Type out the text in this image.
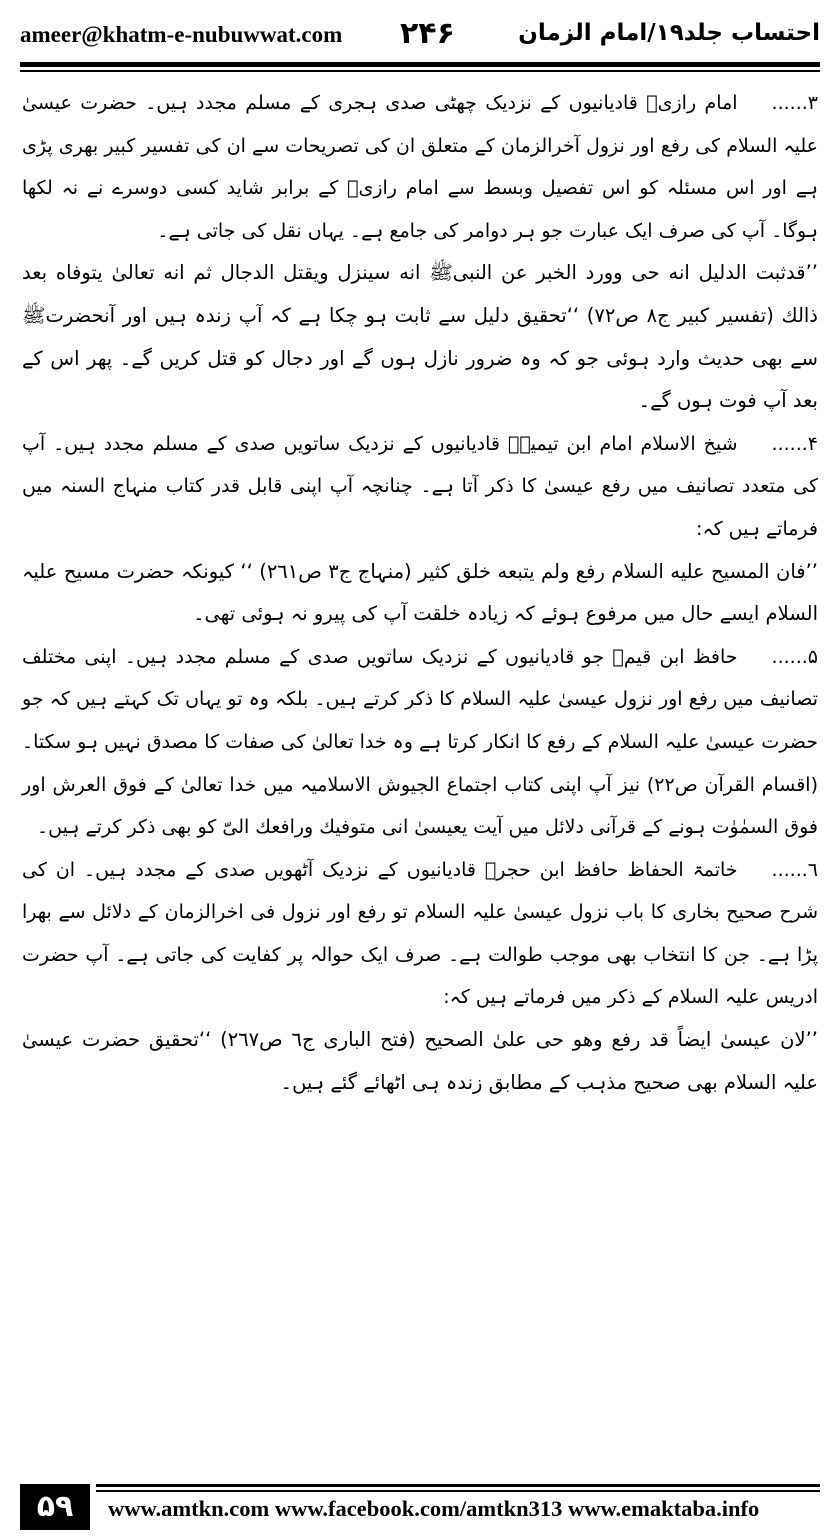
ameer@khatm-e-nubuwwat.com ۲۴۶	احتساب جلد١٩/امام الزمان

٣......امام رازیؒ قادیانیوں کے نزدیک چھٹی صدی ہجری کے مسلم مجدد ہیں۔ حضرت عیسیٰ علیہ السلام کی رفع اور نزول آخرالزمان کے متعلق ان کی تصریحات سے ان کی تفسیر کبیر بھری پڑی ہے اور اس مسئلہ کو اس تفصیل وبسط سے امام رازیؒ کے برابر شاید کسی دوسرے نے نہ لکھا ہوگا۔ آپ کی صرف ایک عبارت جو ہر دوامر کی جامع ہے۔ یہاں نقل کی جاتی ہے۔

’’قدثبت الدليل انه حى وورد الخبر عن النبیﷺ انه سينزل ويقتل الدجال ثم انه تعالىٰ يتوفاه بعد ذالك (تفسیر کبیر ج٨ ص٧٢) ‘‘تحقیق دلیل سے ثابت ہو چکا ہے کہ آپ زندہ ہیں اور آنحضرتﷺ سے بھی حدیث وارد ہوئی جو کہ وہ ضرور نازل ہوں گے اور دجال کو قتل کریں گے۔ پھر اس کے بعد آپ فوت ہوں گے۔

۴......شیخ الاسلام امام ابن تیمیہؒ قادیانیوں کے نزدیک ساتویں صدی کے مسلم مجدد ہیں۔ آپ کی متعدد تصانیف میں رفع عیسیٰ کا ذکر آتا ہے۔ چنانچہ آپ اپنی قابل قدر کتاب منہاج السنہ میں فرماتے ہیں کہ:

’’فان المسيح عليه السلام رفع ولم يتبعه خلق كثير (منہاج ج٣ ص٢٦١) ‘‘ کیونکہ حضرت مسیح علیہ السلام ایسے حال میں مرفوع ہوئے کہ زیادہ خلقت آپ کی پیرو نہ ہوئی تھی۔

۵......حافظ ابن قیمؒ جو قادیانیوں کے نزدیک ساتویں صدی کے مسلم مجدد ہیں۔ اپنی مختلف تصانیف میں رفع اور نزول عیسیٰ علیہ السلام کا ذکر کرتے ہیں۔ بلکہ وہ تو یہاں تک کہتے ہیں کہ جو حضرت عیسیٰ علیہ السلام کے رفع کا انکار کرتا ہے وہ خدا تعالیٰ کی صفات کا مصدق نہیں ہو سکتا۔ (اقسام القرآن ص٢٢) نیز آپ اپنی کتاب اجتماع الجیوش الاسلامیہ میں خدا تعالیٰ کے فوق العرش اور فوق السمٰوٰت ہونے کے قرآنی دلائل میں آیت يعيسىٰ انى متوفيك ورافعك الىّ کو بھی ذکر کرتے ہیں۔

٦......خاتمۃ الحفاظ حافظ ابن حجرؒ قادیانیوں کے نزدیک آٹھویں صدی کے مجدد ہیں۔ ان کی شرح صحیح بخاری کا باب نزول عیسیٰ علیہ السلام تو رفع اور نزول فی اخرالزمان کے دلائل سے بھرا پڑا ہے۔ جن کا انتخاب بھی موجب طوالت ہے۔ صرف ایک حوالہ پر کفایت کی جاتی ہے۔ آپ حضرت ادریس علیہ السلام کے ذکر میں فرماتے ہیں کہ:

’’لان عيسىٰ ايضاً قد رفع وهو حى علىٰ الصحيح (فتح الباری ج٦ ص٢٦٧) ‘‘تحقیق حضرت عیسیٰ علیہ السلام بھی صحیح مذہب کے مطابق زندہ ہی اٹھائے گئے ہیں۔

۵٩	www.amtkn.com www.facebook.com/amtkn313 www.emaktaba.info
